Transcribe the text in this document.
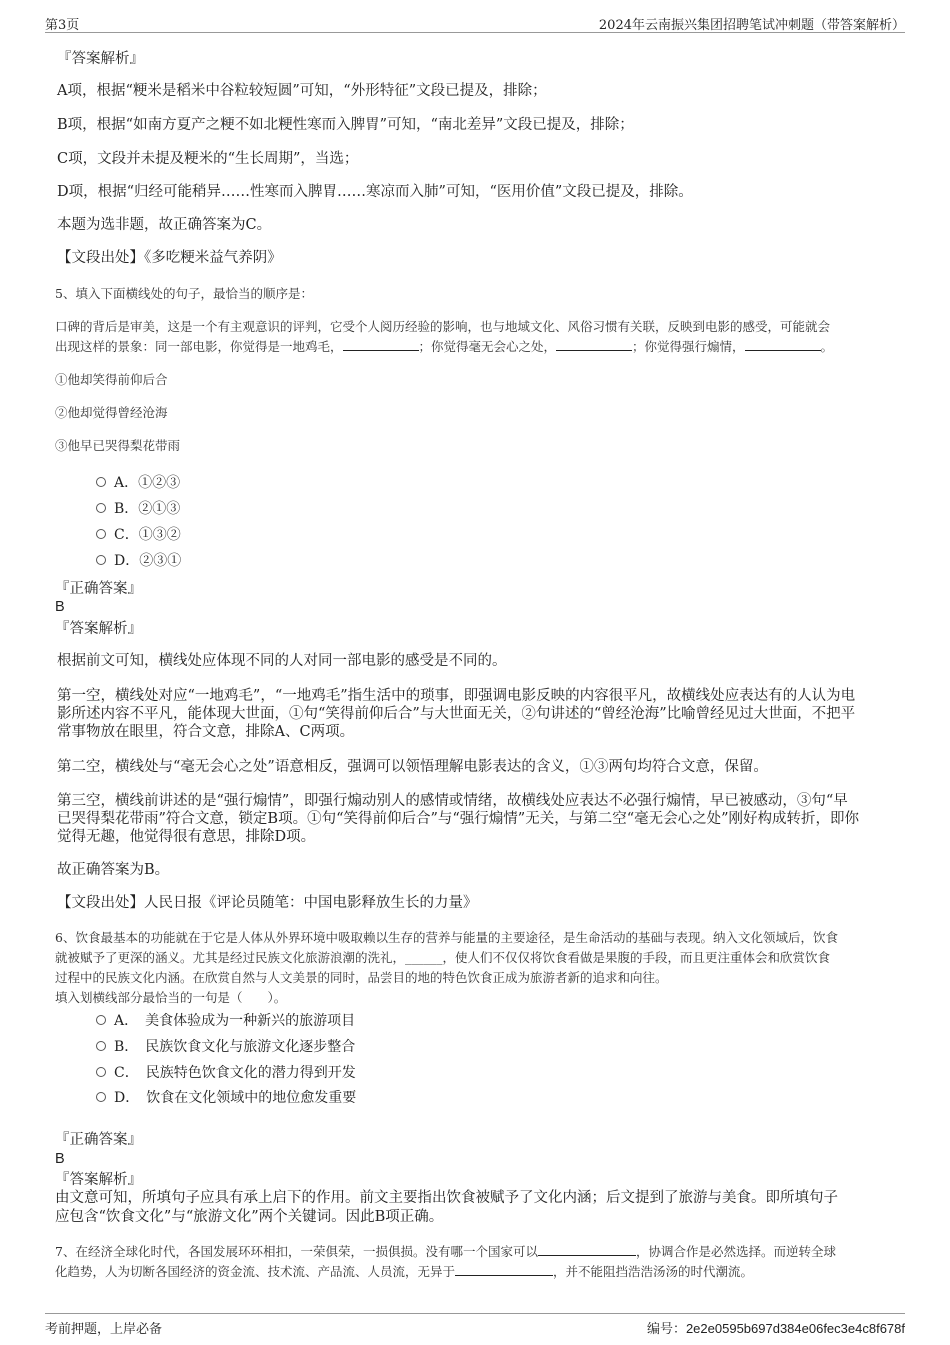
第3页	2024年云南振兴集团招聘笔试冲刺题（带答案解析）
『答案解析』
A项，根据“粳米是稻米中谷粒较短圆”可知，“外形特征”文段已提及，排除；
B项，根据“如南方夏产之粳不如北粳性寒而入脾胃”可知，“南北差异”文段已提及，排除；
C项，文段并未提及粳米的“生长周期”，当选；
D项，根据“归经可能稍异……性寒而入脾胃……寒凉而入肺”可知，“医用价值”文段已提及，排除。
本题为选非题，故正确答案为C。
【文段出处】《多吃粳米益气养阴》
5、填入下面横线处的句子，最恰当的顺序是：
口碑的背后是审美，这是一个有主观意识的评判，它受个人阅历经验的影响，也与地域文化、风俗习惯有关联，反映到电影的感受，可能就会
出现这样的景象：同一部电影，你觉得是一地鸡毛，	；你觉得毫无会心之处，	；你觉得强行煽情，	。
①他却笑得前仰后合
②他却觉得曾经沧海
③他早已哭得梨花带雨
A．①②③
B．②①③
C．①③②
D．②③①
『正确答案』
B
『答案解析』
根据前文可知，横线处应体现不同的人对同一部电影的感受是不同的。
第一空，横线处对应“一地鸡毛”，“一地鸡毛”指生活中的琐事，即强调电影反映的内容很平凡，故横线处应表达有的人认为电
影所述内容不平凡，能体现大世面，①句“笑得前仰后合”与大世面无关，②句讲述的“曾经沧海”比喻曾经见过大世面，不把平
常事物放在眼里，符合文意，排除A、C两项。
第二空，横线处与“毫无会心之处”语意相反，强调可以领悟理解电影表达的含义，①③两句均符合文意，保留。
第三空，横线前讲述的是“强行煽情”，即强行煽动别人的感情或情绪，故横线处应表达不必强行煽情，早已被感动，③句“早
已哭得梨花带雨”符合文意，锁定B项。①句“笑得前仰后合”与“强行煽情”无关，与第二空“毫无会心之处”刚好构成转折，即你
觉得无趣，他觉得很有意思，排除D项。
故正确答案为B。
【文段出处】人民日报《评论员随笔：中国电影释放生长的力量》
6、饮食最基本的功能就在于它是人体从外界环境中吸取赖以生存的营养与能量的主要途径，是生命活动的基础与表现。纳入文化领域后，饮食
就被赋予了更深的涵义。尤其是经过民族文化旅游浪潮的洗礼，______，使人们不仅仅将饮食看做是果腹的手段，而且更注重体会和欣赏饮食
过程中的民族文化内涵。在欣赏自然与人文美景的同时，品尝目的地的特色饮食正成为旅游者新的追求和向往。
填入划横线部分最恰当的一句是（　　）。
A．　美食体验成为一种新兴的旅游项目
B．　民族饮食文化与旅游文化逐步整合
C．　民族特色饮食文化的潜力得到开发
D．　饮食在文化领域中的地位愈发重要
『正确答案』
B
『答案解析』
由文意可知，所填句子应具有承上启下的作用。前文主要指出饮食被赋予了文化内涵；后文提到了旅游与美食。即所填句子
应包含“饮食文化”与“旅游文化”两个关键词。因此B项正确。
7、在经济全球化时代，各国发展环环相扣，一荣俱荣，一损俱损。没有哪一个国家可以	，协调合作是必然选择。而逆转全球
化趋势，人为切断各国经济的资金流、技术流、产品流、人员流，无异于	，并不能阻挡浩浩汤汤的时代潮流。
考前押题，上岸必备	编号：2e2e0595b697d384e06fec3e4c8f678f
